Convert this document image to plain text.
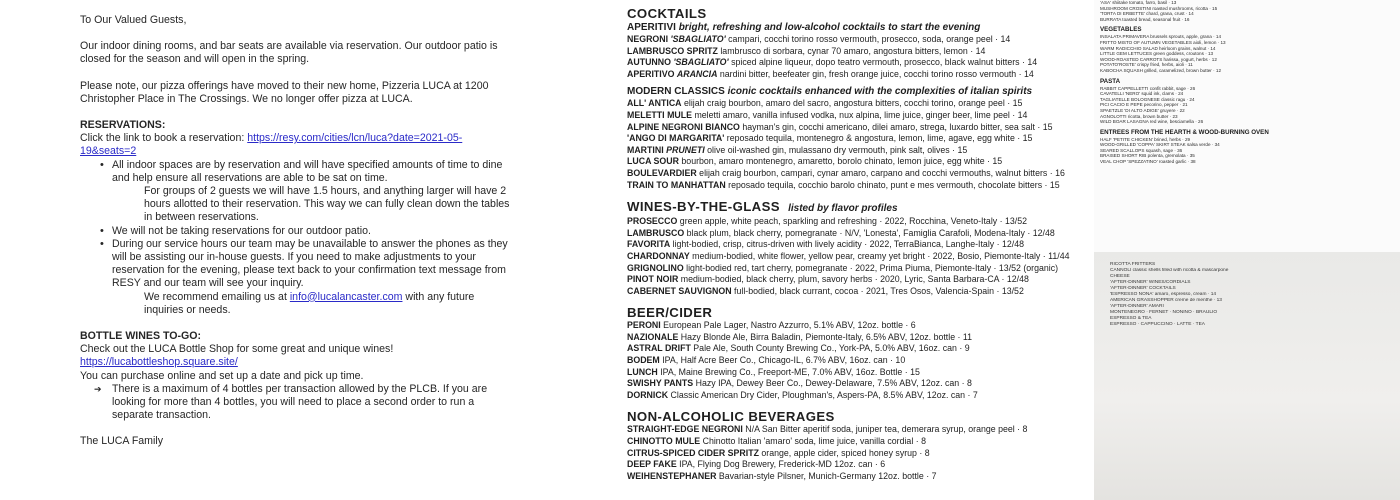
To Our Valued Guests,

Our indoor dining rooms, and bar seats are available via reservation. Our outdoor patio is closed for the season and will open in the spring.

Please note, our pizza offerings have moved to their new home, Pizzeria LUCA at 1200 Christopher Place in The Crossings. We no longer offer pizza at LUCA.

RESERVATIONS:

Click the link to book a reservation: https://resy.com/cities/lcn/luca?date=2021-05-19&seats=2

• All indoor spaces are by reservation and will have specified amounts of time to dine and help ensure all reservations are able to be sat on time.

For groups of 2 guests we will have 1.5 hours, and anything larger will have 2 hours allotted to their reservation. This way we can fully clean down the tables in between reservations.

• We will not be taking reservations for our outdoor patio.

• During our service hours our team may be unavailable to answer the phones as they will be assisting our in-house guests. If you need to make adjustments to your reservation for the evening, please text back to your confirmation text message from RESY and our team will see your inquiry.

We recommend emailing us at info@lucalancaster.com with any future inquiries or needs.

BOTTLE WINES TO-GO:

Check out the LUCA Bottle Shop for some great and unique wines!

https://lucabottleshop.square.site/

You can purchase online and set up a date and pick up time.

➔ There is a maximum of 4 bottles per transaction allowed by the PLCB. If you are looking for more than 4 bottles, you will need to place a second order to run a separate transaction.

The LUCA Family

COCKTAILS
APERITIVI bright, refreshing and low-alcohol cocktails to start the evening
NEGRONI 'SBAGLIATO' campari, cocchi torino rosso vermouth, prosecco, soda, orange peel · 14
LAMBRUSCO SPRITZ lambrusco di sorbara, cynar 70 amaro, angostura bitters, lemon · 14
AUTUNNO 'SBAGLIATO' spiced alpine liqueur, dopo teatro vermouth, prosecco, black walnut bitters · 14
APERITIVO ARANCIA nardini bitter, beefeater gin, fresh orange juice, cocchi torino rosso vermouth · 14
MODERN CLASSICS iconic cocktails enhanced with the complexities of italian spirits
ALL' ANTICA elijah craig bourbon, amaro del sacro, angostura bitters, cocchi torino, orange peel · 15
MELETTI MULE meletti amaro, vanilla infused vodka, nux alpina, lime juice, ginger beer, lime peel · 14
ALPINE NEGRONI BIANCO hayman's gin, cocchi americano, dilei amaro, strega, luxardo bitter, sea salt · 15
'ANGO DI MARGARITA' reposado tequila, montenegro & angostura, lemon, lime, agave, egg white · 15
MARTINI PRUNETI olive oil-washed gin, mulassano dry vermouth, pink salt, olives · 15
LUCA SOUR bourbon, amaro montenegro, amaretto, borolo chinato, lemon juice, egg white · 15
BOULEVARDIER elijah craig bourbon, campari, cynar amaro, carpano and cocchi vermouths, walnut bitters · 16
TRAIN TO MANHATTAN reposado tequila, cocchio barolo chinato, punt e mes vermouth, chocolate bitters · 15
WINES-BY-THE-GLASS listed by flavor profiles
PROSECCO green apple, white peach, sparkling and refreshing · 2022, Rocchina, Veneto-Italy · 13/52
LAMBRUSCO black plum, black cherry, pomegranate · N/V, 'Lonesta', Famiglia Carafoli, Modena-Italy · 12/48
FAVORITA light-bodied, crisp, citrus-driven with lively acidity · 2022, TerraBianca, Langhe-Italy · 12/48
CHARDONNAY medium-bodied, white flower, yellow pear, creamy yet bright · 2022, Bosio, Piemonte-Italy · 11/44
GRIGNOLINO light-bodied red, tart cherry, pomegranate · 2022, Prima Piuma, Piemonte-Italy · 13/52 (organic)
PINOT NOIR medium-bodied, black cherry, plum, savory herbs · 2020, Lyric, Santa Barbara-CA · 12/48
CABERNET SAUVIGNON full-bodied, black currant, cocoa · 2021, Tres Osos, Valencia-Spain · 13/52
BEER/CIDER
PERONI European Pale Lager, Nastro Azzurro, 5.1% ABV, 12oz. bottle · 6
NAZIONALE Hazy Blonde Ale, Birra Baladin, Piemonte-Italy, 6.5% ABV, 12oz. bottle · 11
ASTRAL DRIFT Pale Ale, South County Brewing Co., York-PA, 5.0% ABV, 16oz. can · 9
BODEM IPA, Half Acre Beer Co., Chicago-IL, 6.7% ABV, 16oz. can · 10
LUNCH IPA, Maine Brewing Co., Freeport-ME, 7.0% ABV, 16oz. Bottle · 15
SWISHY PANTS Hazy IPA, Dewey Beer Co., Dewey-Delaware, 7.5% ABV, 12oz. can · 8
DORNICK Classic American Dry Cider, Ploughman's, Aspers-PA, 8.5% ABV, 12oz. can · 7
NON-ALCOHOLIC BEVERAGES
STRAIGHT-EDGE NEGRONI N/A San Bitter aperitif soda, juniper tea, demerara syrup, orange peel · 8
CHINOTTO MULE Chinotto Italian 'amaro' soda, lime juice, vanilla cordial · 8
CITRUS-SPICED CIDER SPRITZ orange, apple cider, spiced honey syrup · 8
DEEP FAKE IPA, Flying Dog Brewery, Frederick-MD 12oz. can · 6
WEIHENSTEPHANER Bavarian-style Pilsner, Munich-Germany 12oz. bottle · 7
'ASA' shiitake tomato, farro, basil · 13
MUSHROOM CROSTINI roasted mushrooms, ricotta · 15
'TORTA DI ERBETTE' chard, grana, crust · 14
BURRATA toasted bread, seasonal fruit · 16
VEGETABLES
INSALATA PRIMAVERA brussels sprouts, apple, grana · 14
FRITTO MISTO OF AUTUMN VEGETABLES aioli, lemon · 13
WARM RADICCHIO SALAD heirloom grains, walnut · 14
LITTLE GEM LETTUCES green goddess, croutons · 13
WOOD-ROASTED CARROTS harissa, yogurt, herbs · 12
POTATO'ROSTE' crispy fried, herbs, aioli · 11
KABOCHA SQUASH grilled, caramelized, brown butter · 12
PASTA
RABBIT CAPPELLETTI confit rabbit, sage · 26
CAVATELLI 'NERO' squid ink, clams · 24
TAGLIATELLE BOLOGNESE classic ragu · 24
PICI CACIO E PEPE pecorino, pepper · 21
SPAETZLE 'DI ALTO ADIGE' gruyere · 22
AGNOLOTTI ricotta, brown butter · 23
WILD BOAR LASAGNA red wine, besciamella · 26
ENTREES FROM THE HEARTH & WOOD-BURNING OVEN
HALF 'PETITE CHICKEN' brined, herbs · 29
WOOD-GRILLED 'COPPA' SKIRT STEAK salsa verde · 34
SEARED SCALLOPS squash, sage · 36
BRAISED SHORT RIB polenta, gremolata · 35
VEAL CHOP 'SPEZZATINO' roasted garlic · 38
RICOTTA FRITTERS
CANNOLI classic shells filled with ricotta & mascarpone
CHEESE
'AFTER-DINNER' WINES/CORDIALS
'AFTER-DINNER' COCKTAILS
'ESPRESSO NONA' amaro, espresso, cream · 14
AMERICAN GRASSHOPPER creme de menthe · 13
'AFTER-DINNER' AMARI
MONTENEGRO · FERNET · NONINO · BRAULIO
ESPRESSO & TEA
ESPRESSO · CAPPUCCINO · LATTE · TEA
